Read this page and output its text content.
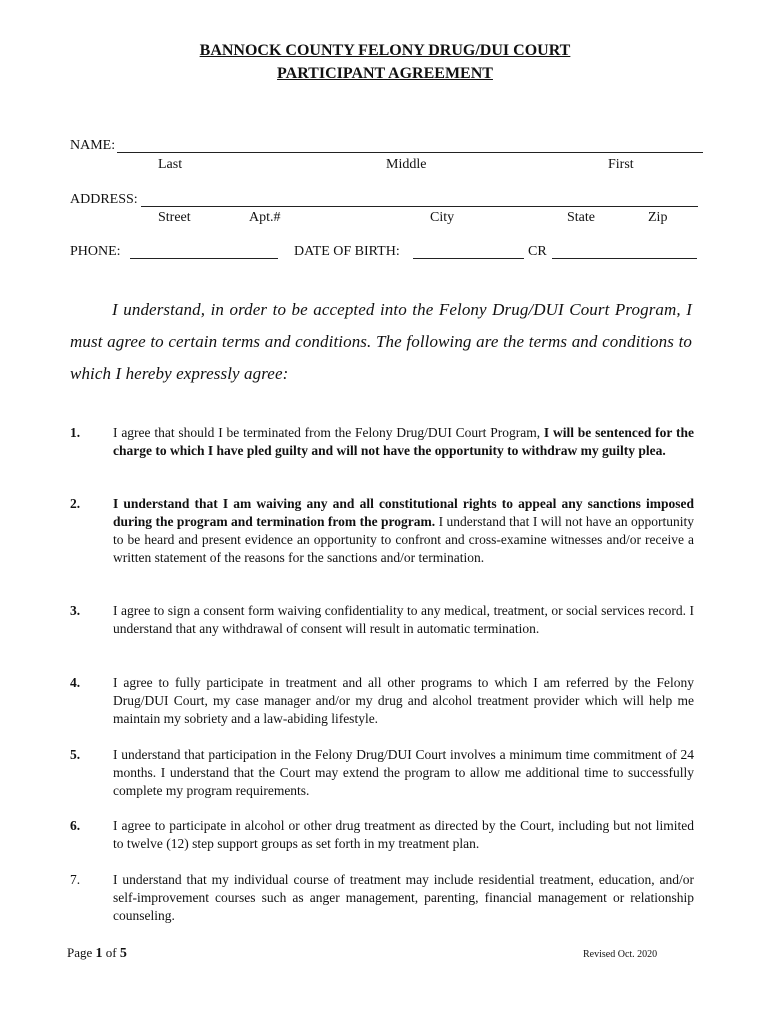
BANNOCK COUNTY FELONY DRUG/DUI COURT
PARTICIPANT AGREEMENT
NAME:
Last	Middle	First
ADDRESS:
Street	Apt.#	City	State	Zip
PHONE:	DATE OF BIRTH:	CR
I understand, in order to be accepted into the Felony Drug/DUI Court Program, I must agree to certain terms and conditions. The following are the terms and conditions to which I hereby expressly agree:
1.	I agree that should I be terminated from the Felony Drug/DUI Court Program, I will be sentenced for the charge to which I have pled guilty and will not have the opportunity to withdraw my guilty plea.
2.	I understand that I am waiving any and all constitutional rights to appeal any sanctions imposed during the program and termination from the program. I understand that I will not have an opportunity to be heard and present evidence an opportunity to confront and cross-examine witnesses and/or receive a written statement of the reasons for the sanctions and/or termination.
3.	I agree to sign a consent form waiving confidentiality to any medical, treatment, or social services record. I understand that any withdrawal of consent will result in automatic termination.
4.	I agree to fully participate in treatment and all other programs to which I am referred by the Felony Drug/DUI Court, my case manager and/or my drug and alcohol treatment provider which will help me maintain my sobriety and a law-abiding lifestyle.
5.	I understand that participation in the Felony Drug/DUI Court involves a minimum time commitment of 24 months. I understand that the Court may extend the program to allow me additional time to successfully complete my program requirements.
6.	I agree to participate in alcohol or other drug treatment as directed by the Court, including but not limited to twelve (12) step support groups as set forth in my treatment plan.
7.	I understand that my individual course of treatment may include residential treatment, education, and/or self-improvement courses such as anger management, parenting, financial management or relationship counseling.
Page 1 of 5	Revised Oct. 2020
